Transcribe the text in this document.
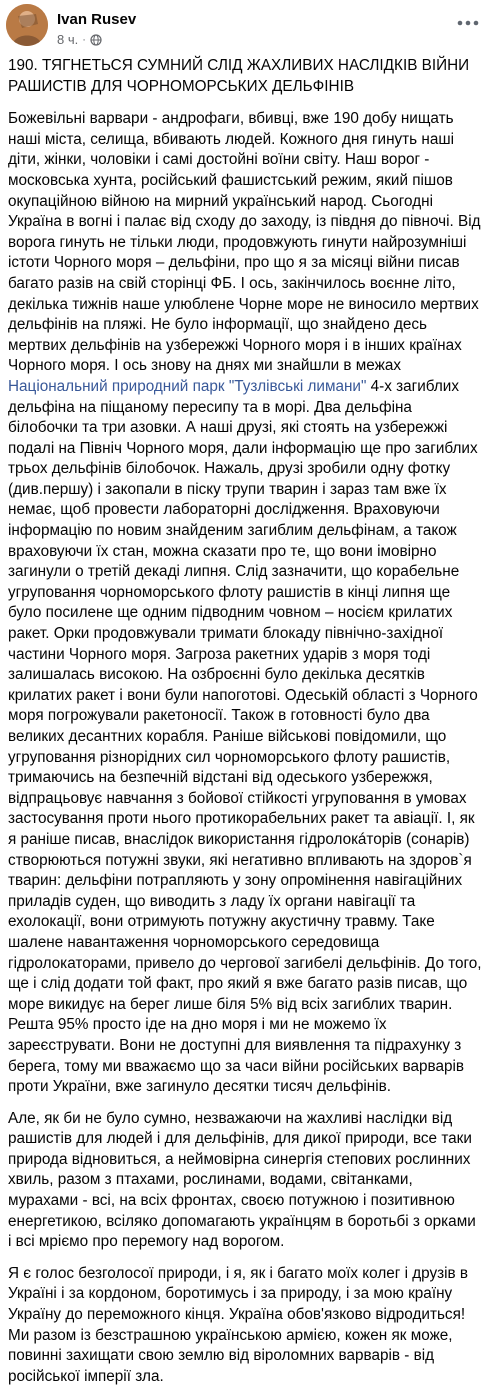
Ivan Rusev
8 ч. ·

190. ТЯГНЕТЬСЯ СУМНИЙ СЛІД ЖАХЛИВИХ НАСЛІДКІВ ВІЙНИ РАШИСТІВ ДЛЯ ЧОРНОМОРСЬКИХ ДЕЛЬФІНІВ

Божевільні варвари - андрофаги, вбивці, вже 190 добу нищать наші міста, селища, вбивають людей. Кожного дня гинуть наші діти, жінки, чоловіки і самі достойні воїни світу. Наш ворог - московська хунта, російський фашистський режим, який пішов окупаційною війною на мирний український народ. Сьогодні Україна в вогні і палає від сходу до заходу, із півдня до півночі. Від ворога гинуть не тільки люди, продовжують гинути найрозумніші істоти Чорного моря – дельфіни, про що я за місяці війни писав багато разів на свій сторінці ФБ. І ось, закінчилось воєнне літо, декілька тижнів наше улюблене Чорне море не виносило мертвих дельфінів на пляжі. Не було інформації, що знайдено десь мертвих дельфінів на узбережжі Чорного моря і в інших країнах Чорного моря. І ось знову на днях ми знайшли в межах Національний природний парк "Тузлівські лимани" 4-х загиблих дельфіна на піщаному пересипу та в морі. Два дельфіна білобочки та три азовки. А наші друзі, які стоять на узбережжі подалі на Північ Чорного моря, дали інформацію ще про загиблих трьох дельфінів білобочок. Нажаль, друзі зробили одну фотку (див.першу) і закопали в піску трупи тварин і зараз там вже їх немає, щоб провести лабораторні дослідження. Враховуючи інформацію по новим знайденим загиблим дельфінам, а також враховуючи їх стан, можна сказати про те, що вони імовірно загинули о третій декаді липня. Слід зазначити, що корабельне угруповання чорноморського флоту рашистів в кінці липня ще було посилене ще одним підводним човном – носієм крилатих ракет. Орки продовжували тримати блокаду північно-західної частини Чорного моря. Загроза ракетних ударів з моря тоді залишалась високою. На озброєнні було декілька десятків крилатих ракет і вони були напоготові. Одеській області з Чорного моря погрожували ракетоносії. Також в готовності було два великих десантних корабля. Раніше військові повідомили, що угруповання різнорідних сил чорноморського флоту рашистів, тримаючись на безпечній відстані від одеського узбережжя, відпрацьовує навчання з бойової стійкості угруповання в умовах застосування проти нього протикорабельних ракет та авіації. І, як я раніше писав, внаслідок використання гідролокáторів (сонарів) створюються потужні звуки, які негативно впливають на здоров`я тварин: дельфіни потрапляють у зону опромінення навігаційних приладів суден, що виводить з ладу їх органи навігації та ехолокації, вони отримують потужну акустичну травму. Таке шалене навантаження чорноморського середовища гідролокаторами, привело до чергової загибелі дельфінів. До того, ще і слід додати той факт, про який я вже багато разів писав, що море викидує на берег лише біля 5% від всіх загиблих тварин. Решта 95% просто іде на дно моря і ми не можемо їх зареєструвати. Вони не доступні для виявлення та підрахунку з берега, тому ми вважаємо що за часи війни російських варварів проти України, вже загинуло десятки тисяч дельфінів.

Але, як би не було сумно, незважаючи на жахливі наслідки від рашистів для людей і для дельфінів, для дикої природи, все таки природа відновиться, а неймовірна синергія степових рослинних хвиль, разом з птахами, рослинами, водами, світанками, мурахами - всі, на всіх фронтах, своєю потужною і позитивною енергетикою, всіляко допомагають українцям в боротьбі з орками і всі мріємо про перемогу над ворогом.

Я є голос безголосої природи, і я, як і багато моїх колег і друзів в Україні і за кордоном, боротимусь і за природу, і за мою країну Україну до переможного кінця. Україна обов'язково відродиться! Ми разом із безстрашною українською армією, кожен як може, повинні захищати свою землю від віроломних варварів - від російської імперії зла.
